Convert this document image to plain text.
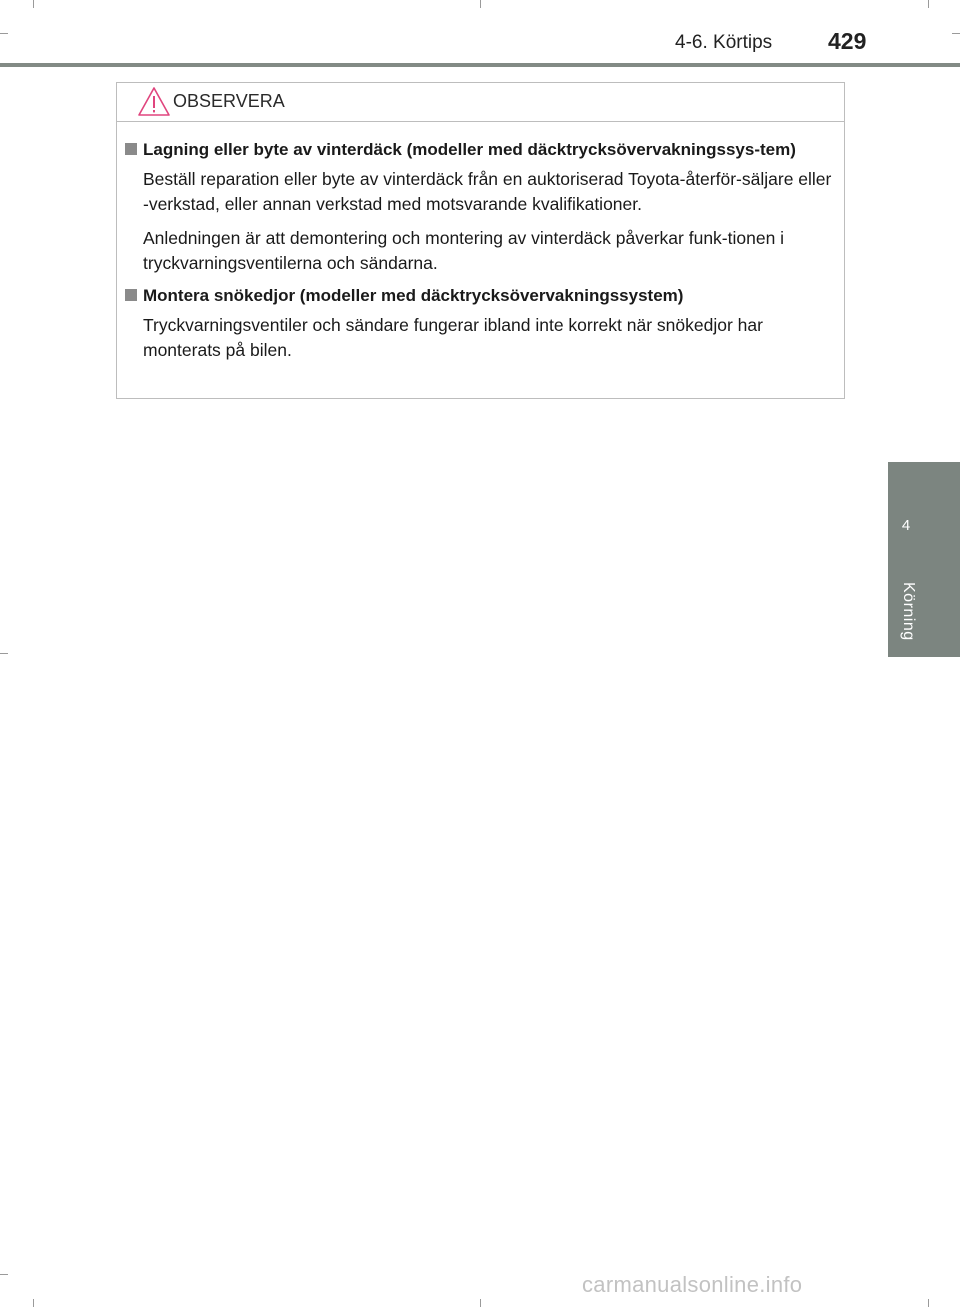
4-6. Körtips 429
4
Körning
OBSERVERA
Lagning eller byte av vinterdäck (modeller med däcktrycksövervakningssys-tem)
Beställ reparation eller byte av vinterdäck från en auktoriserad Toyota-återför-säljare eller -verkstad, eller annan verkstad med motsvarande kvalifikationer.
Anledningen är att demontering och montering av vinterdäck påverkar funk-tionen i tryckvarningsventilerna och sändarna.
Montera snökedjor (modeller med däcktrycksövervakningssystem)
Tryckvarningsventiler och sändare fungerar ibland inte korrekt när snökedjor har monterats på bilen.
carmanualsonline.info
